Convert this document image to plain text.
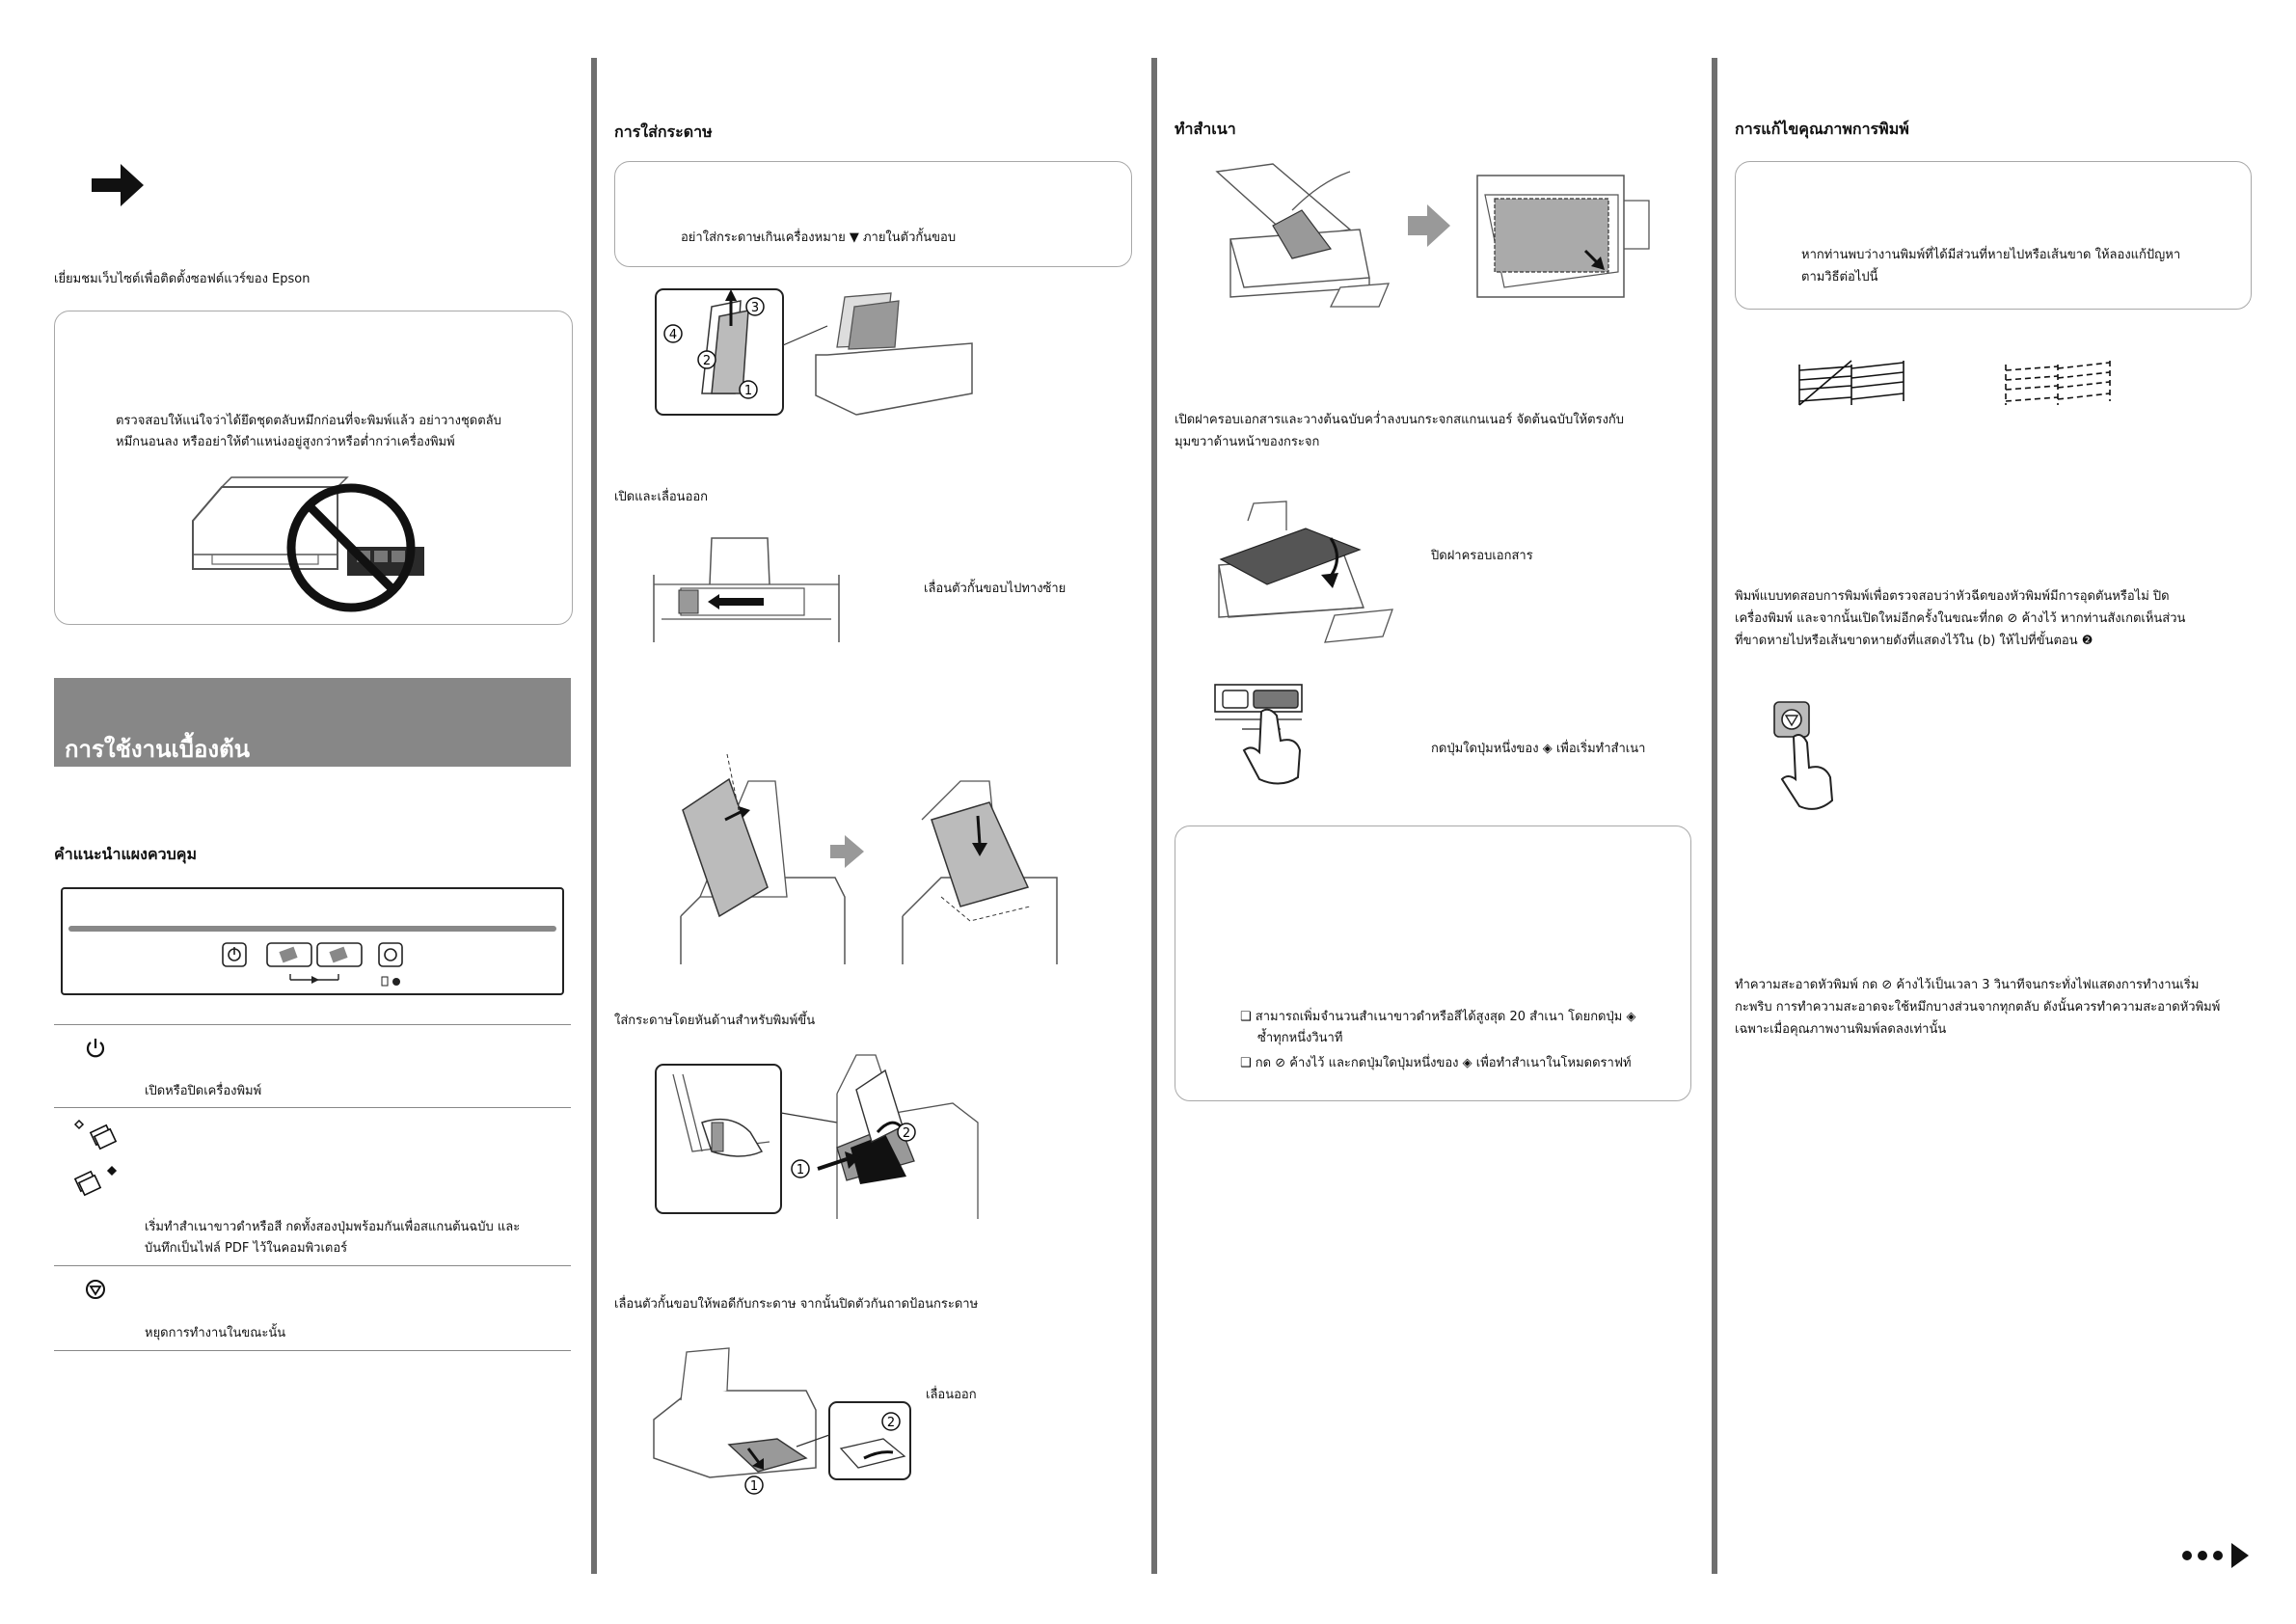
เยี่ยมชมเว็บไซต์เพื่อติดตั้งซอฟต์แวร์ของ Epson
ตรวจสอบให้แน่ใจว่าได้ยึดชุดตลับหมึกก่อนที่จะพิมพ์แล้ว อย่าวางชุดตลับ
หมึกนอนลง หรืออย่าให้ตำแหน่งอยู่สูงกว่าหรือต่ำกว่าเครื่องพิมพ์
การใช้งานเบื้องต้น
คำแนะนำแผงควบคุม
เปิดหรือปิดเครื่องพิมพ์
เริ่มทำสำเนาขาวดำหรือสี กดทั้งสองปุ่มพร้อมกันเพื่อสแกนต้นฉบับ และ
บันทึกเป็นไฟล์ PDF ไว้ในคอมพิวเตอร์
หยุดการทำงานในขณะนั้น
การใส่กระดาษ
อย่าใส่กระดาษเกินเครื่องหมาย ▼ ภายในตัวกั้นขอบ
3
4
2
1
เปิดและเลื่อนออก
เลื่อนตัวกั้นขอบไปทางซ้าย
ใส่กระดาษโดยหันด้านสำหรับพิมพ์ขึ้น
1
2
เลื่อนตัวกั้นขอบให้พอดีกับกระดาษ จากนั้นปิดตัวกันถาดป้อนกระดาษ
1
2
เลื่อนออก
ทำสำเนา
เปิดฝาครอบเอกสารและวางต้นฉบับคว่ำลงบนกระจกสแกนเนอร์ จัดต้นฉบับให้ตรงกับ
มุมขวาด้านหน้าของกระจก
ปิดฝาครอบเอกสาร
กดปุ่มใดปุ่มหนึ่งของ ◈ เพื่อเริ่มทำสำเนา
❑ สามารถเพิ่มจำนวนสำเนาขาวดำหรือสีได้สูงสุด 20 สำเนา โดยกดปุ่ม ◈
ซ้ำทุกหนึ่งวินาที
❑ กด ⊘ ค้างไว้ และกดปุ่มใดปุ่มหนึ่งของ ◈ เพื่อทำสำเนาในโหมดดราฟท์
การแก้ไขคุณภาพการพิมพ์
หากท่านพบว่างานพิมพ์ที่ได้มีส่วนที่หายไปหรือเส้นขาด ให้ลองแก้ปัญหา
ตามวิธีต่อไปนี้
พิมพ์แบบทดสอบการพิมพ์เพื่อตรวจสอบว่าหัวฉีดของหัวพิมพ์มีการอุดตันหรือไม่ ปิด
เครื่องพิมพ์ และจากนั้นเปิดใหม่อีกครั้งในขณะที่กด ⊘ ค้างไว้ หากท่านสังเกตเห็นส่วน
ที่ขาดหายไปหรือเส้นขาดหายดังที่แสดงไว้ใน (b) ให้ไปที่ขั้นตอน ❷
ทำความสะอาดหัวพิมพ์ กด ⊘ ค้างไว้เป็นเวลา 3 วินาทีจนกระทั่งไฟแสดงการทำงานเริ่ม
กะพริบ การทำความสะอาดจะใช้หมึกบางส่วนจากทุกตลับ ดังนั้นควรทำความสะอาดหัวพิมพ์
เฉพาะเมื่อคุณภาพงานพิมพ์ลดลงเท่านั้น
